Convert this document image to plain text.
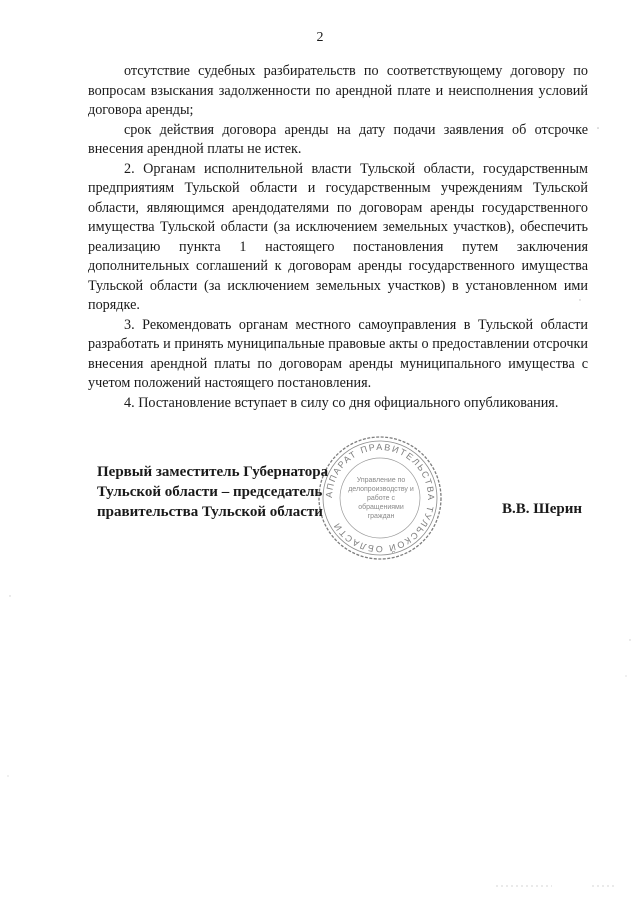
2

отсутствие судебных разбирательств по соответствующему договору по вопросам взыскания задолженности по арендной плате и неисполнения условий договора аренды;

срок действия договора аренды на дату подачи заявления об отсрочке внесения арендной платы не истек.

2. Органам исполнительной власти Тульской области, государственным предприятиям Тульской области и государственным учреждениям Тульской области, являющимся арендодателями по договорам аренды государственного имущества Тульской области (за исключением земельных участков), обеспечить реализацию пункта 1 настоящего постановления путем заключения дополнительных соглашений к договорам аренды государственного имущества Тульской области (за исключением земельных участков) в установленном ими порядке.

3. Рекомендовать органам местного самоуправления в Тульской области разработать и принять муниципальные правовые акты о предоставлении отсрочки внесения арендной платы по договорам аренды муниципального имущества с учетом положений настоящего постановления.

4. Постановление вступает в силу со дня официального опубликования.

АППАРАТ ПРАВИТЕЛЬСТВА ТУЛЬСКОЙ ОБЛАСТИ
Управление по делопроизводству и работе с обращениями граждан
Первый заместитель Губернатора
Тульской области – председатель
правительства Тульской области	В.В. Шерин
